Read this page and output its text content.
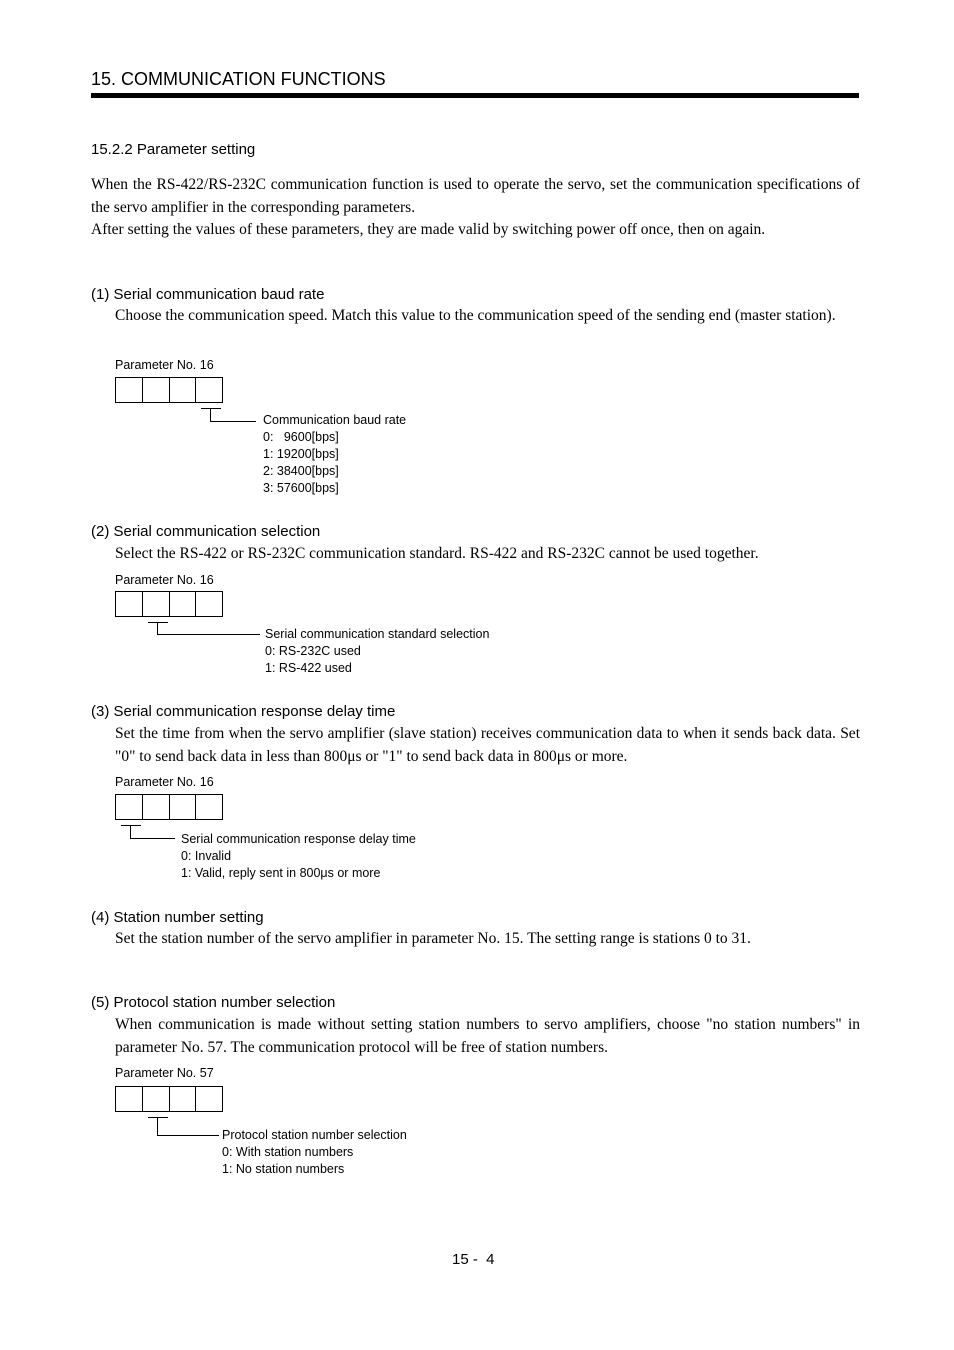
15. COMMUNICATION FUNCTIONS
15.2.2 Parameter setting
When the RS-422/RS-232C communication function is used to operate the servo, set the communication specifications of the servo amplifier in the corresponding parameters.
After setting the values of these parameters, they are made valid by switching power off once, then on again.
(1) Serial communication baud rate
Choose the communication speed. Match this value to the communication speed of the sending end (master station).
Parameter No. 16
Communication baud rate
0:   9600[bps]
1: 19200[bps]
2: 38400[bps]
3: 57600[bps]
(2) Serial communication selection
Select the RS-422 or RS-232C communication standard. RS-422 and RS-232C cannot be used together.
Parameter No. 16
Serial communication standard selection
0: RS-232C used
1: RS-422 used
(3) Serial communication response delay time
Set the time from when the servo amplifier (slave station) receives communication data to when it sends back data. Set "0" to send back data in less than 800μs or "1" to send back data in 800μs or more.
Parameter No. 16
Serial communication response delay time
0: Invalid
1: Valid, reply sent in 800μs or more
(4) Station number setting
Set the station number of the servo amplifier in parameter No. 15. The setting range is stations 0 to 31.
(5) Protocol station number selection
When communication is made without setting station numbers to servo amplifiers, choose "no station numbers" in parameter No. 57. The communication protocol will be free of station numbers.
Parameter No. 57
Protocol station number selection
0: With station numbers
1: No station numbers
15 -  4
